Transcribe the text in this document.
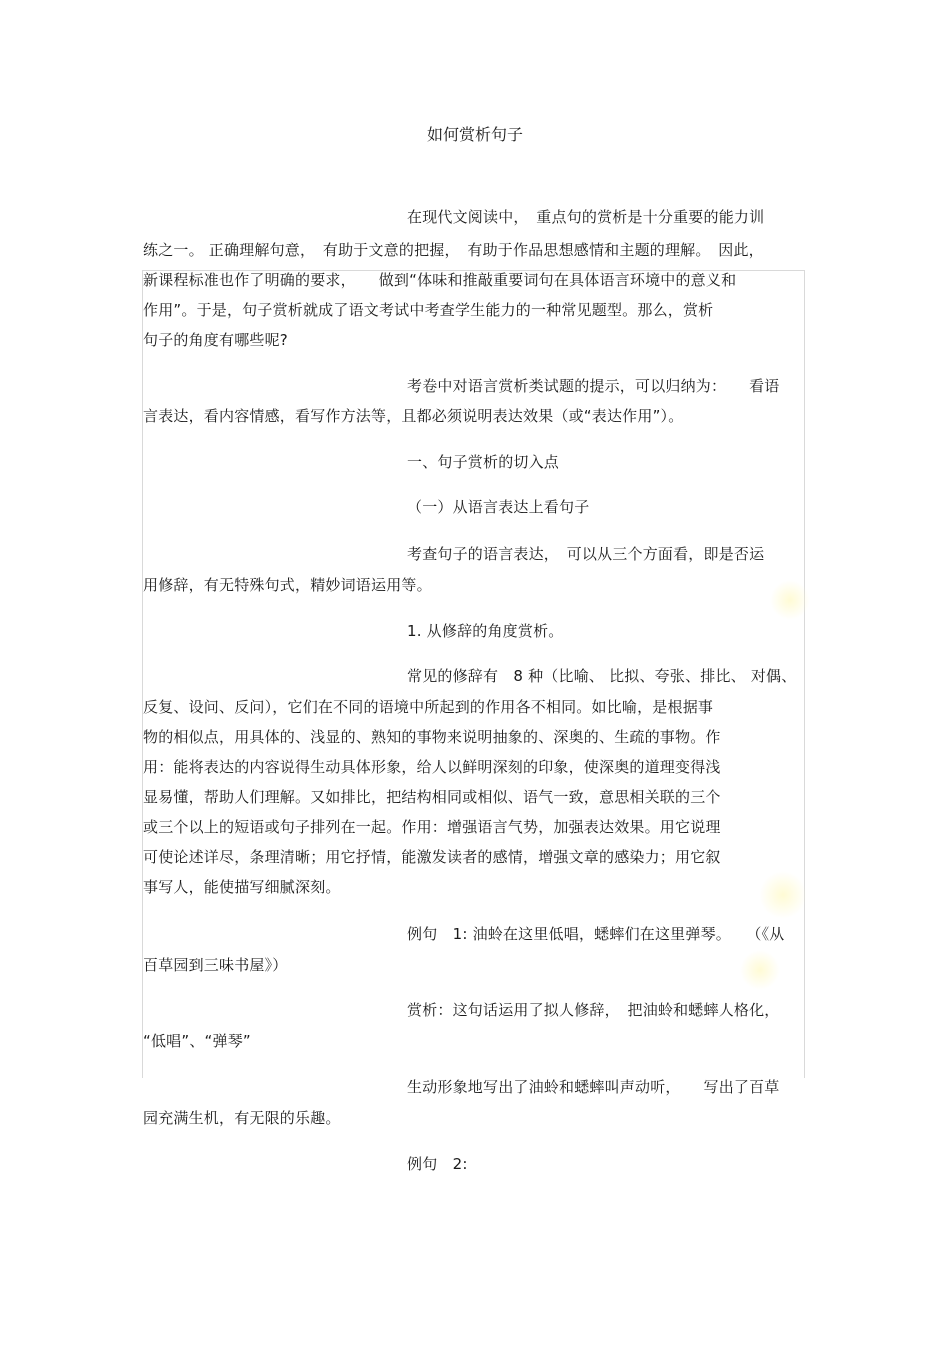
如何赏析句子
在现代文阅读中，　重点句的赏析是十分重要的能力训
练之一。 正确理解句意，　有助于文意的把握，　有助于作品思想感情和主题的理解。　因此，
新课程标准也作了明确的要求，　　做到“体味和推敲重要词句在具体语言环境中的意义和
作用”。于是，句子赏析就成了语文考试中考查学生能力的一种常见题型。那么，赏析
句子的角度有哪些呢?
考卷中对语言赏析类试题的提示，可以归纳为：　　看语
言表达，看内容情感，看写作方法等，且都必须说明表达效果（或“表达作用”）。
一、句子赏析的切入点
（一）从语言表达上看句子
考查句子的语言表达，　可以从三个方面看，即是否运
用修辞，有无特殊句式，精妙词语运用等。
1. 从修辞的角度赏析。
常见的修辞有　8 种（比喻、 比拟、夸张、排比、 对偶、
反复、设问、反问），它们在不同的语境中所起到的作用各不相同。如比喻，是根据事
物的相似点，用具体的、浅显的、熟知的事物来说明抽象的、深奥的、生疏的事物。作
用：能将表达的内容说得生动具体形象，给人以鲜明深刻的印象，使深奥的道理变得浅
显易懂，帮助人们理解。又如排比，把结构相同或相似、语气一致，意思相关联的三个
或三个以上的短语或句子排列在一起。作用：增强语言气势，加强表达效果。用它说理
可使论述详尽，条理清晰；用它抒情，能激发读者的感情，增强文章的感染力；用它叙
事写人，能使描写细腻深刻。
例句　1: 油蛉在这里低唱，蟋蟀们在这里弹琴。　　（《从
百草园到三味书屋》）
赏析：这句话运用了拟人修辞，　把油蛉和蟋蟀人格化，
“低唱”、“弹琴”
生动形象地写出了油蛉和蟋蟀叫声动听，　　写出了百草
园充满生机，有无限的乐趣。
例句　2:
